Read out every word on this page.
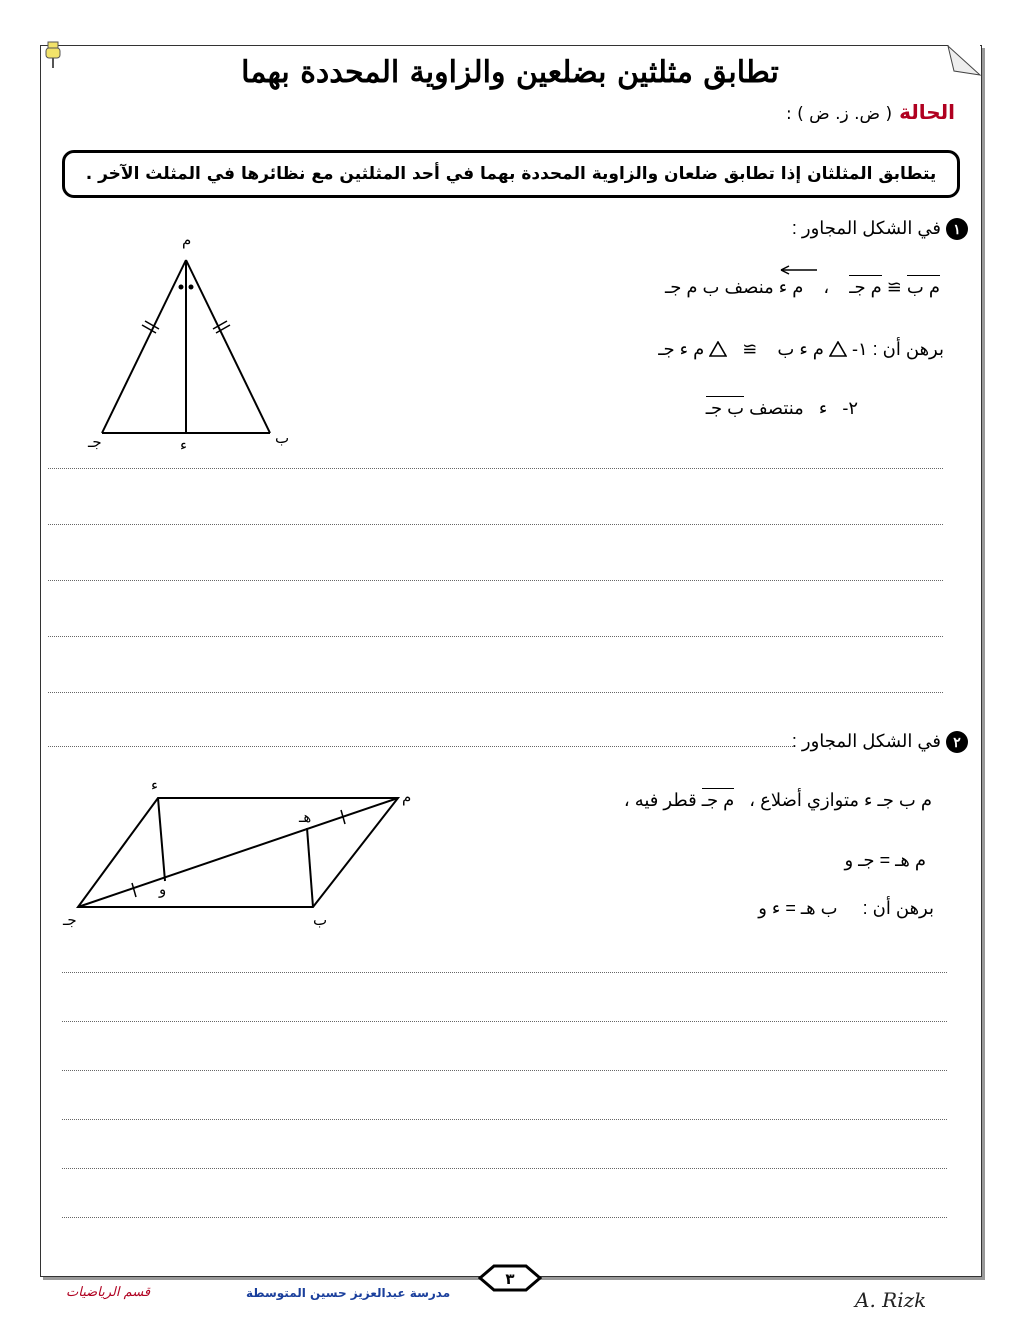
تطابق مثلثين بضلعين والزاوية المحددة بهما
الحالة ( ض. ز. ض ) :
يتطابق المثلثان إذا تطابق ضلعان والزاوية المحددة بهما في أحد المثلثين مع نظائرها في المثلث الآخر .
١ في الشكل المجاور :
ﻡ ب ≅ ﻡ جـ    ،
ﻡ ﺀ منصف ب ﻡ جـ
برهن أن : ١-  ﻡ ﺀ ب    ≅    ﻡ ﺀ جـ
٢-   ﺀ   منتصف ب جـ
ﻡ
ب
جـ	ﺀ
٢ في الشكل المجاور :
ﻡ ب جـ ﺀ متوازي أضلاع ،   ﻡ جـ قطر فيه ،
ﻡ هـ = جـ و
برهن أن :     ب هـ = ﺀ و
ﻡ
ب
جـ
ﺀ
هـ
و
٣
قسم الرياضيات	مدرسة عبدالعزيز حسين المتوسطة	A. Rizk
